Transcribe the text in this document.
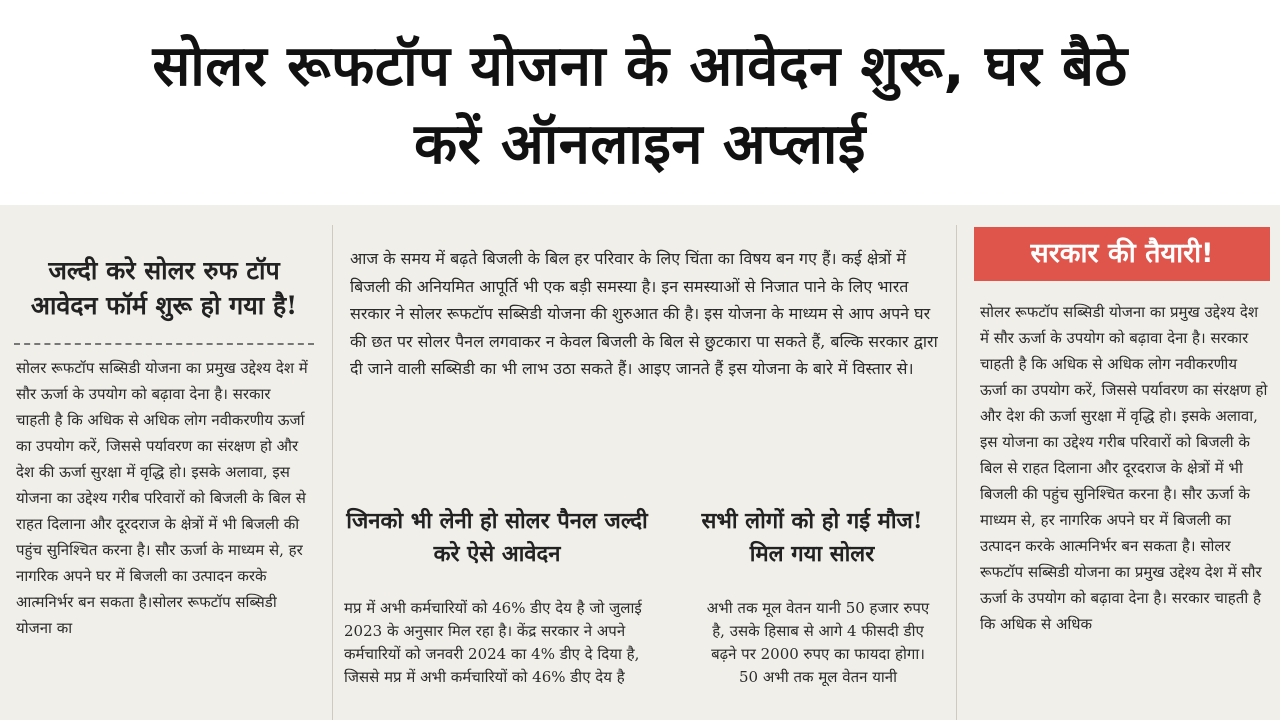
सोलर रूफटॉप योजना के आवेदन शुरू, घर बैठे
करें ऑनलाइन अप्लाई
जल्दी करे सोलर रुफ टॉप आवेदन फॉर्म शुरू हो गया है!

सोलर रूफटॉप सब्सिडी योजना का प्रमुख उद्देश्य देश में सौर ऊर्जा के उपयोग को बढ़ावा देना है। सरकार चाहती है कि अधिक से अधिक लोग नवीकरणीय ऊर्जा का उपयोग करें, जिससे पर्यावरण का संरक्षण हो और देश की ऊर्जा सुरक्षा में वृद्धि हो। इसके अलावा, इस योजना का उद्देश्य गरीब परिवारों को बिजली के बिल से राहत दिलाना और दूरदराज के क्षेत्रों में भी बिजली की पहुंच सुनिश्चित करना है। सौर ऊर्जा के माध्यम से, हर नागरिक अपने घर में बिजली का उत्पादन करके आत्मनिर्भर बन सकता है।सोलर रूफटॉप सब्सिडी योजना का

आज के समय में बढ़ते बिजली के बिल हर परिवार के लिए चिंता का विषय बन गए हैं। कई क्षेत्रों में बिजली की अनियमित आपूर्ति भी एक बड़ी समस्या है। इन समस्याओं से निजात पाने के लिए भारत सरकार ने सोलर रूफटॉप सब्सिडी योजना की शुरुआत की है। इस योजना के माध्यम से आप अपने घर की छत पर सोलर पैनल लगवाकर न केवल बिजली के बिल से छुटकारा पा सकते हैं, बल्कि सरकार द्वारा दी जाने वाली सब्सिडी का भी लाभ उठा सकते हैं। आइए जानते हैं इस योजना के बारे में विस्तार से।

जिनको भी लेनी हो सोलर पैनल जल्दी करे ऐसे आवेदन
सभी लोगों को हो गई मौज! मिल गया सोलर

मप्र में अभी कर्मचारियों को 46% डीए देय है जो जुलाई 2023 के अनुसार मिल रहा है। केंद्र सरकार ने अपने कर्मचारियों को जनवरी 2024 का 4% डीए दे दिया है, जिससे मप्र में अभी कर्मचारियों को 46% डीए देय है

अभी तक मूल वेतन यानी 50 हजार रुपए है, उसके हिसाब से आगे 4 फीसदी डीए बढ़ने पर 2000 रुपए का फायदा होगा। 50 अभी तक मूल वेतन यानी

सरकार की तैयारी!

सोलर रूफटॉप सब्सिडी योजना का प्रमुख उद्देश्य देश में सौर ऊर्जा के उपयोग को बढ़ावा देना है। सरकार चाहती है कि अधिक से अधिक लोग नवीकरणीय ऊर्जा का उपयोग करें, जिससे पर्यावरण का संरक्षण हो और देश की ऊर्जा सुरक्षा में वृद्धि हो। इसके अलावा, इस योजना का उद्देश्य गरीब परिवारों को बिजली के बिल से राहत दिलाना और दूरदराज के क्षेत्रों में भी बिजली की पहुंच सुनिश्चित करना है। सौर ऊर्जा के माध्यम से, हर नागरिक अपने घर में बिजली का उत्पादन करके आत्मनिर्भर बन सकता है। सोलर रूफटॉप सब्सिडी योजना का प्रमुख उद्देश्य देश में सौर ऊर्जा के उपयोग को बढ़ावा देना है। सरकार चाहती है कि अधिक से अधिक
